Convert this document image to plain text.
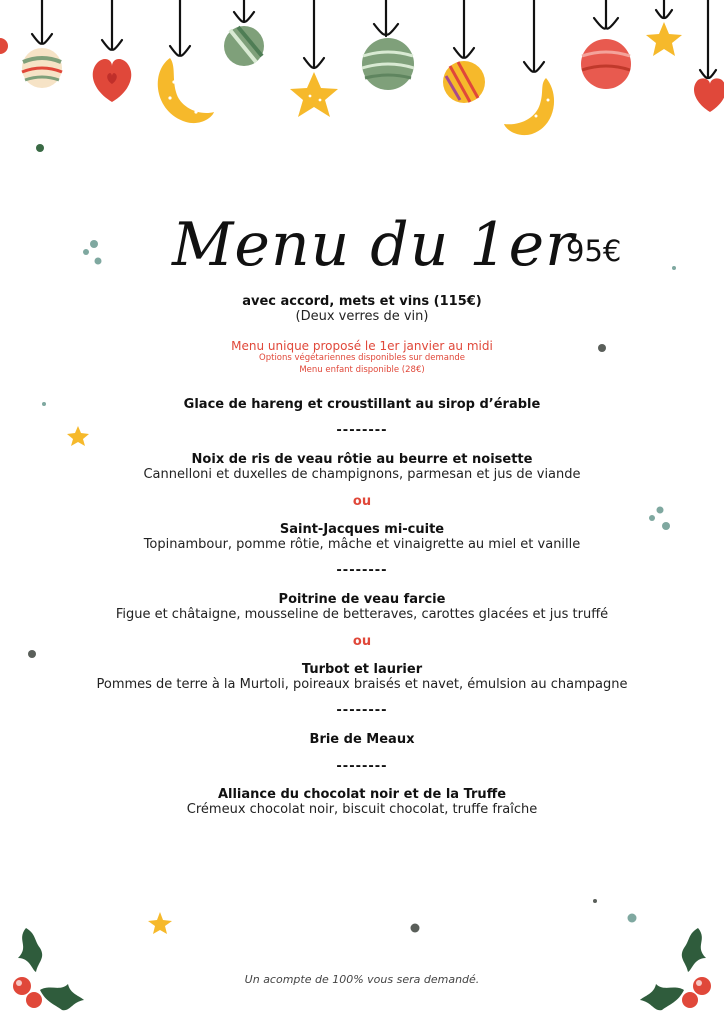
Menu du 1er
95€
avec accord, mets et vins (115€)
(Deux verres de vin)
Menu unique proposé le 1er janvier au midi
Options végétariennes disponibles sur demande
Menu enfant disponible (28€)
Glace de hareng et croustillant au sirop d’érable
--------
Noix de ris de veau rôtie au beurre et noisette
Cannelloni et duxelles de champignons, parmesan et jus de viande
ou
Saint-Jacques mi-cuite
Topinambour, pomme rôtie, mâche et vinaigrette au miel et vanille
--------
Poitrine de veau farcie
Figue et châtaigne, mousseline de betteraves, carottes glacées et jus truffé
ou
Turbot et laurier
Pommes de terre à la Murtoli, poireaux braisés et navet, émulsion au champagne
--------
Brie de Meaux
--------
Alliance du chocolat noir et de la Truffe
Crémeux chocolat noir, biscuit chocolat, truffe fraîche
Un acompte de 100% vous sera demandé.
